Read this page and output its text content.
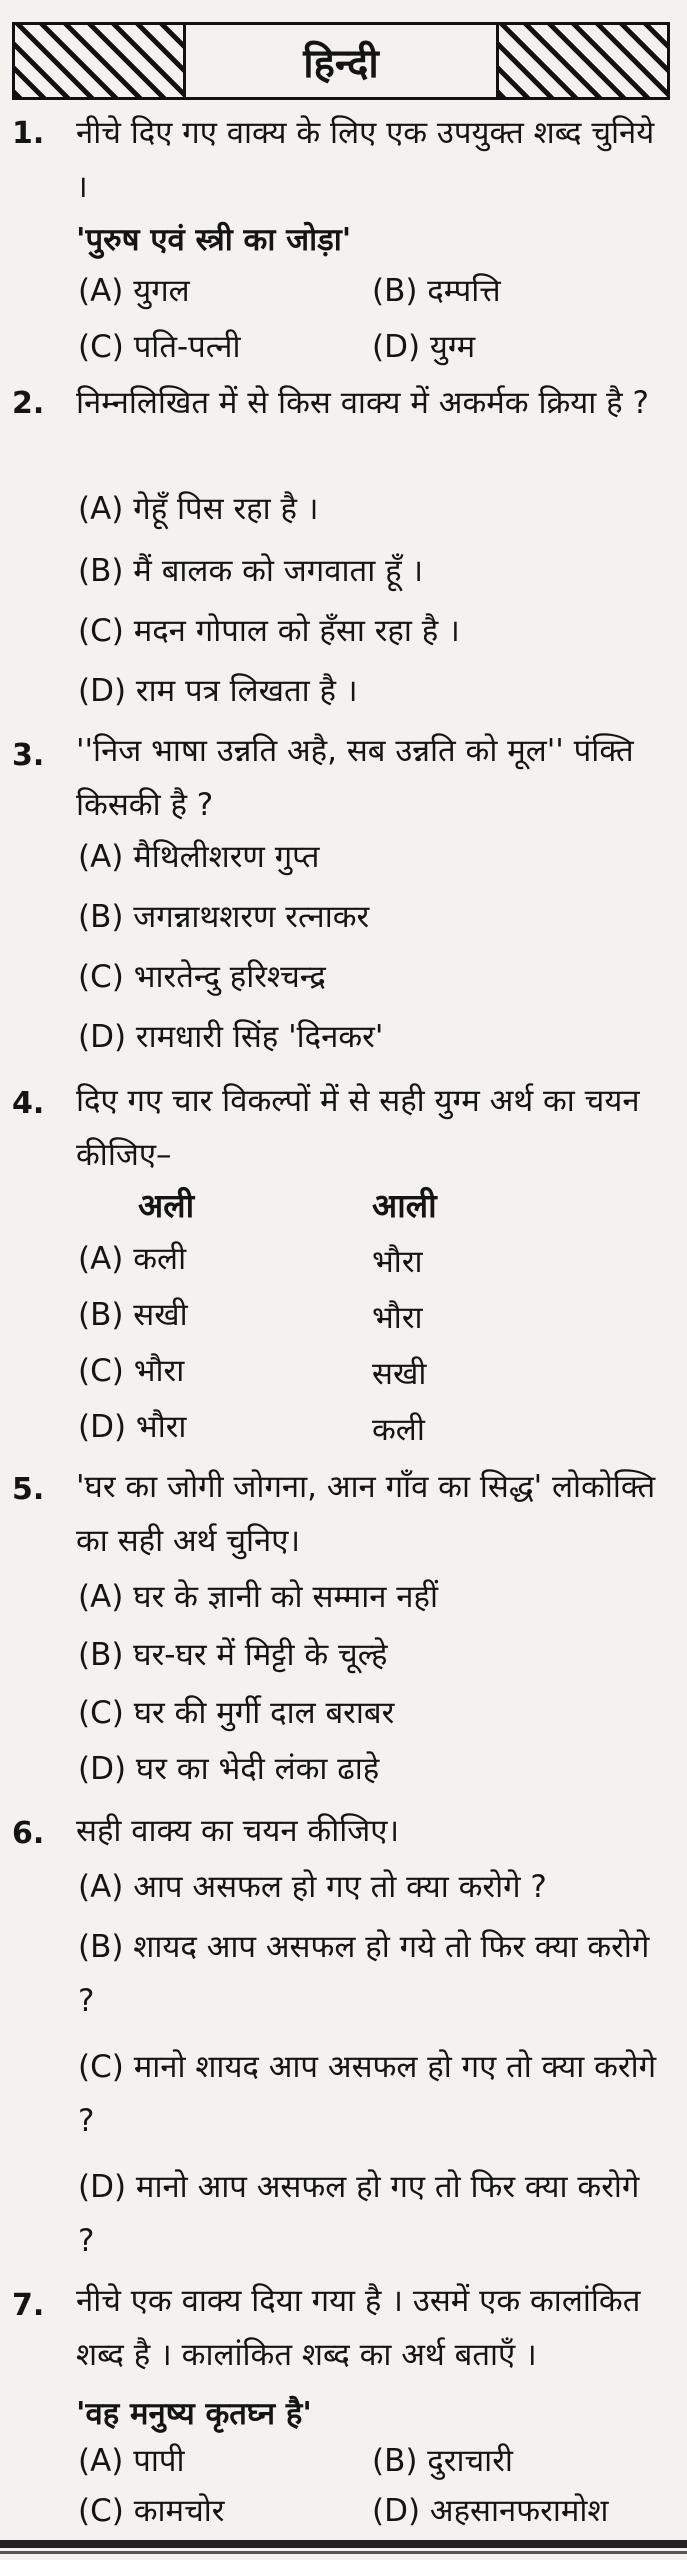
हिन्दी
1. नीचे दिए गए वाक्य के लिए एक उपयुक्त शब्द चुनिये ।
'पुरुष एवं स्त्री का जोड़ा'
(A) युगल	(B) दम्पत्ति
(C) पति-पत्नी	(D) युग्म
2. निम्नलिखित में से किस वाक्य में अकर्मक क्रिया है ?
(A) गेहूँ पिस रहा है ।
(B) मैं बालक को जगवाता हूँ ।
(C) मदन गोपाल को हँसा रहा है ।
(D) राम पत्र लिखता है ।
3. ''निज भाषा उन्नति अहै, सब उन्नति को मूल'' पंक्ति किसकी है ?
(A) मैथिलीशरण गुप्त
(B) जगन्नाथशरण रत्नाकर
(C) भारतेन्दु हरिश्चन्द्र
(D) रामधारी सिंह 'दिनकर'
4. दिए गए चार विकल्पों में से सही युग्म अर्थ का चयन कीजिए–
अली	आली
(A) कली	भौरा
(B) सखी	भौरा
(C) भौरा	सखी
(D) भौरा	कली
5. 'घर का जोगी जोगना, आन गाँव का सिद्ध' लोकोक्ति का सही अर्थ चुनिए।
(A) घर के ज्ञानी को सम्मान नहीं
(B) घर-घर में मिट्टी के चूल्हे
(C) घर की मुर्गी दाल बराबर
(D) घर का भेदी लंका ढाहे
6. सही वाक्य का चयन कीजिए।
(A) आप असफल हो गए तो क्या करोगे ?
(B) शायद आप असफल हो गये तो फिर क्या करोगे ?
(C) मानो शायद आप असफल हो गए तो क्या करोगे ?
(D) मानो आप असफल हो गए तो फिर क्या करोगे ?
7. नीचे एक वाक्य दिया गया है । उसमें एक कालांकित शब्द है । कालांकित शब्द का अर्थ बताएँ ।
'वह मनुष्य कृतघ्न है'
(A) पापी	(B) दुराचारी
(C) कामचोर	(D) अहसानफरामोश
